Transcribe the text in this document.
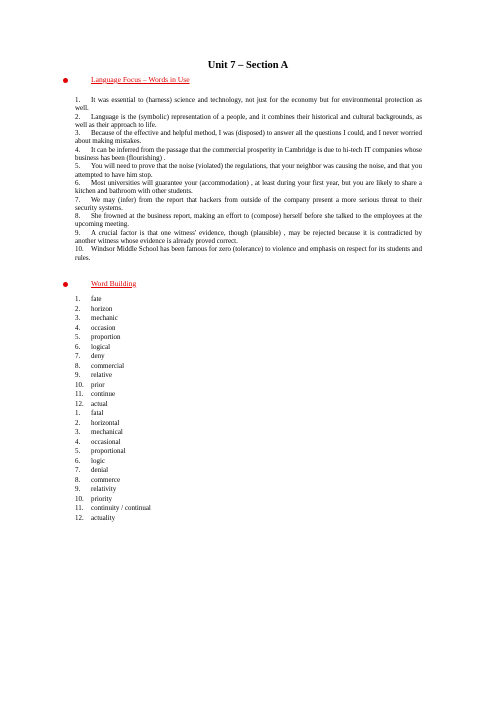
Unit 7 – Section A
Language Focus – Words in Use

1. It was essential to (harness) science and technology, not just for the economy but for environmental protection as well.

2. Language is the (symbolic) representation of a people, and it combines their historical and cultural backgrounds, as well as their approach to life.

3. Because of the effective and helpful method, I was (disposed) to answer all the questions I could, and I never worried about making mistakes.

4. It can be inferred from the passage that the commercial prosperity in Cambridge is due to hi-tech IT companies whose business has been (flourishing) .

5. You will need to prove that the noise (violated) the regulations, that your neighbor was causing the noise, and that you attempted to have him stop.

6. Most universities will guarantee your (accommodation) , at least during your first year, but you are likely to share a kitchen and bathroom with other students.

7. We may (infer) from the report that hackers from outside of the company present a more serious threat to their security systems.

8. She frowned at the business report, making an effort to (compose) herself before she talked to the employees at the upcoming meeting.

9. A crucial factor is that one witness' evidence, though (plausible) , may be rejected because it is contradicted by another witness whose evidence is already proved correct.

10. Windsor Middle School has been famous for zero (tolerance) to violence and emphasis on respect for its students and rules.

Word Building
1. fate
2. horizon
3. mechanic
4. occasion
5. proportion
6. logical
7. deny
8. commercial
9. relative
10. prior
11. continue
12. actual
1. fatal
2. horizontal
3. mechanical
4. occasional
5. proportional
6. logic
7. denial
8. commerce
9. relativity
10. priority
11. continuity / continual
12. actuality
